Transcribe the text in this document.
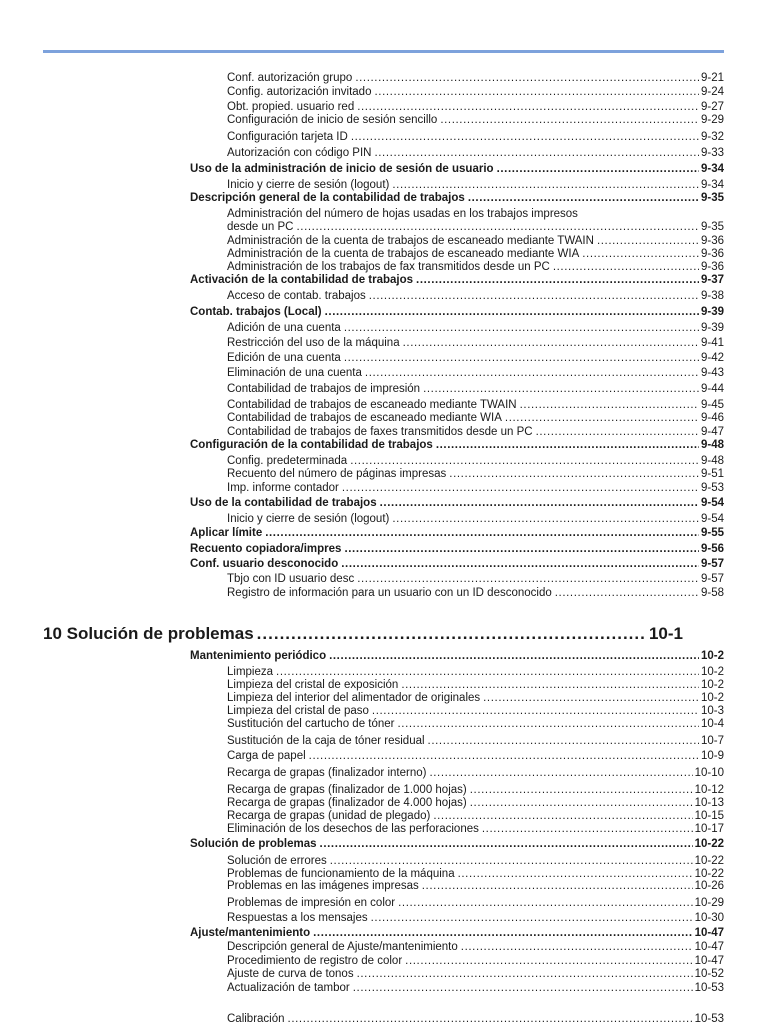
Conf. autorización grupo .....	9-21
Config. autorización invitado .....	9-24
Obt. propied. usuario red .....	9-27
Configuración de inicio de sesión sencillo .....	9-29
Configuración tarjeta ID .....	9-32
Autorización con código PIN .....	9-33
Uso de la administración de inicio de sesión de usuario .....	9-34
Inicio y cierre de sesión (logout) .....	9-34
Descripción general de la contabilidad de trabajos .....	9-35
Administración del número de hojas usadas en los trabajos impresos
desde un PC .....	9-35
Administración de la cuenta de trabajos de escaneado mediante TWAIN .....	9-36
Administración de la cuenta de trabajos de escaneado mediante WIA .....	9-36
Administración de los trabajos de fax transmitidos desde un PC .....	9-36
Activación de la contabilidad de trabajos .....	9-37
Acceso de contab. trabajos .....	9-38
Contab. trabajos (Local) .....	9-39
Adición de una cuenta .....	9-39
Restricción del uso de la máquina .....	9-41
Edición de una cuenta .....	9-42
Eliminación de una cuenta .....	9-43
Contabilidad de trabajos de impresión .....	9-44
Contabilidad de trabajos de escaneado mediante TWAIN .....	9-45
Contabilidad de trabajos de escaneado mediante WIA .....	9-46
Contabilidad de trabajos de faxes transmitidos desde un PC .....	9-47
Configuración de la contabilidad de trabajos .....	9-48
Config. predeterminada .....	9-48
Recuento del número de páginas impresas .....	9-51
Imp. informe contador .....	9-53
Uso de la contabilidad de trabajos .....	9-54
Inicio y cierre de sesión (logout) .....	9-54
Aplicar límite .....	9-55
Recuento copiadora/impres .....	9-56
Conf. usuario desconocido .....	9-57
Tbjo con ID usuario desc .....	9-57
Registro de información para un usuario con un ID desconocido .....	9-58
10 Solución de problemas .....	10-1
Mantenimiento periódico .....	10-2
Limpieza .....	10-2
Limpieza del cristal de exposición .....	10-2
Limpieza del interior del alimentador de originales .....	10-2
Limpieza del cristal de paso .....	10-3
Sustitución del cartucho de tóner .....	10-4
Sustitución de la caja de tóner residual .....	10-7
Carga de papel .....	10-9
Recarga de grapas (finalizador interno) .....	10-10
Recarga de grapas (finalizador de 1.000 hojas) .....	10-12
Recarga de grapas (finalizador de 4.000 hojas) .....	10-13
Recarga de grapas (unidad de plegado) .....	10-15
Eliminación de los desechos de las perforaciones .....	10-17
Solución de problemas .....	10-22
Solución de errores .....	10-22
Problemas de funcionamiento de la máquina .....	10-22
Problemas en las imágenes impresas .....	10-26
Problemas de impresión en color .....	10-29
Respuestas a los mensajes .....	10-30
Ajuste/mantenimiento .....	10-47
Descripción general de Ajuste/mantenimiento .....	10-47
Procedimiento de registro de color .....	10-47
Ajuste de curva de tonos .....	10-52
Actualización de tambor .....	10-53
Calibración .....	10-53
